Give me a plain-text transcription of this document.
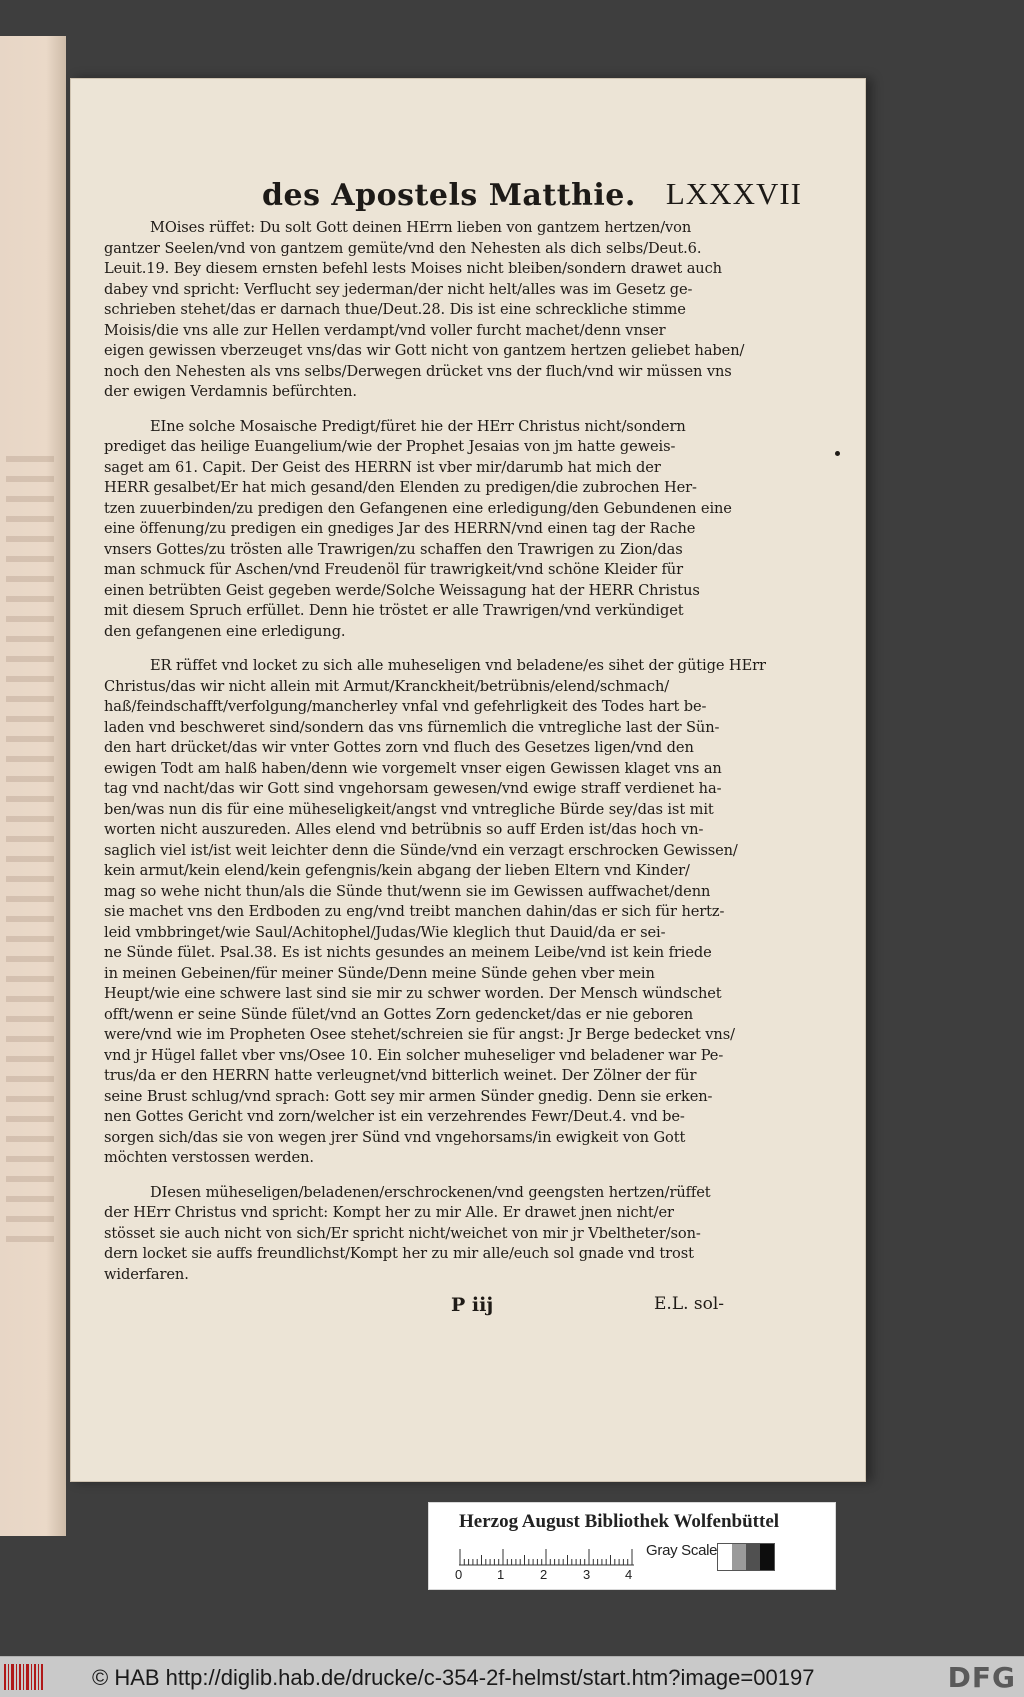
des Apostels Matthie. LXXXVII
MOises rüffet: Du solt Gott deinen HErrn lieben von gantzem hertzen/von
gantzer Seelen/vnd von gantzem gemüte/vnd den Nehesten als dich selbs/Deut.6.
Leuit.19. Bey diesem ernsten befehl lests Moises nicht bleiben/sondern drawet auch
dabey vnd spricht: Verflucht sey jederman/der nicht helt/alles was im Gesetz ge-
schrieben stehet/das er darnach thue/Deut.28. Dis ist eine schreckliche stimme
Moisis/die vns alle zur Hellen verdampt/vnd voller furcht machet/denn vnser
eigen gewissen vberzeuget vns/das wir Gott nicht von gantzem hertzen geliebet haben/
noch den Nehesten als vns selbs/Derwegen drücket vns der fluch/vnd wir müssen vns
der ewigen Verdamnis befürchten.
EIne solche Mosaische Predigt/füret hie der HErr Christus nicht/sondern
prediget das heilige Euangelium/wie der Prophet Jesaias von jm hatte geweis-
saget am 61. Capit. Der Geist des HERRN ist vber mir/darumb hat mich der
HERR gesalbet/Er hat mich gesand/den Elenden zu predigen/die zubrochen Her-
tzen zuuerbinden/zu predigen den Gefangenen eine erledigung/den Gebundenen eine
eine öffenung/zu predigen ein gnediges Jar des HERRN/vnd einen tag der Rache
vnsers Gottes/zu trösten alle Trawrigen/zu schaffen den Trawrigen zu Zion/das
man schmuck für Aschen/vnd Freudenöl für trawrigkeit/vnd schöne Kleider für
einen betrübten Geist gegeben werde/Solche Weissagung hat der HERR Christus
mit diesem Spruch erfüllet. Denn hie tröstet er alle Trawrigen/vnd verkündiget
den gefangenen eine erledigung.
ER rüffet vnd locket zu sich alle muheseligen vnd beladene/es sihet der gütige HErr
Christus/das wir nicht allein mit Armut/Kranckheit/betrübnis/elend/schmach/
haß/feindschafft/verfolgung/mancherley vnfal vnd gefehrligkeit des Todes hart be-
laden vnd beschweret sind/sondern das vns fürnemlich die vntregliche last der Sün-
den hart drücket/das wir vnter Gottes zorn vnd fluch des Gesetzes ligen/vnd den
ewigen Todt am halß haben/denn wie vorgemelt vnser eigen Gewissen klaget vns an
tag vnd nacht/das wir Gott sind vngehorsam gewesen/vnd ewige straff verdienet ha-
ben/was nun dis für eine müheseligkeit/angst vnd vntregliche Bürde sey/das ist mit
worten nicht auszureden. Alles elend vnd betrübnis so auff Erden ist/das hoch vn-
saglich viel ist/ist weit leichter denn die Sünde/vnd ein verzagt erschrocken Gewissen/
kein armut/kein elend/kein gefengnis/kein abgang der lieben Eltern vnd Kinder/
mag so wehe nicht thun/als die Sünde thut/wenn sie im Gewissen auffwachet/denn
sie machet vns den Erdboden zu eng/vnd treibt manchen dahin/das er sich für hertz-
leid vmbbringet/wie Saul/Achitophel/Judas/Wie kleglich thut Dauid/da er sei-
ne Sünde fület. Psal.38. Es ist nichts gesundes an meinem Leibe/vnd ist kein friede
in meinen Gebeinen/für meiner Sünde/Denn meine Sünde gehen vber mein
Heupt/wie eine schwere last sind sie mir zu schwer worden. Der Mensch wündschet
offt/wenn er seine Sünde fület/vnd an Gottes Zorn gedencket/das er nie geboren
were/vnd wie im Propheten Osee stehet/schreien sie für angst: Jr Berge bedecket vns/
vnd jr Hügel fallet vber vns/Osee 10. Ein solcher muheseliger vnd beladener war Pe-
trus/da er den HERRN hatte verleugnet/vnd bitterlich weinet. Der Zölner der für
seine Brust schlug/vnd sprach: Gott sey mir armen Sünder gnedig. Denn sie erken-
nen Gottes Gericht vnd zorn/welcher ist ein verzehrendes Fewr/Deut.4. vnd be-
sorgen sich/das sie von wegen jrer Sünd vnd vngehorsams/in ewigkeit von Gott
möchten verstossen werden.
DIesen müheseligen/beladenen/erschrockenen/vnd geengsten hertzen/rüffet
der HErr Christus vnd spricht: Kompt her zu mir Alle. Er drawet jnen nicht/er
stösset sie auch nicht von sich/Er spricht nicht/weichet von mir jr Vbeltheter/son-
dern locket sie auffs freundlichst/Kompt her zu mir alle/euch sol gnade vnd trost
widerfaren.
P iij	E.L. sol-
Herzog August Bibliothek Wolfenbüttel
0	1	2	3	4
Gray Scale
© HAB http://diglib.hab.de/drucke/c-354-2f-helmst/start.htm?image=00197	DFG
